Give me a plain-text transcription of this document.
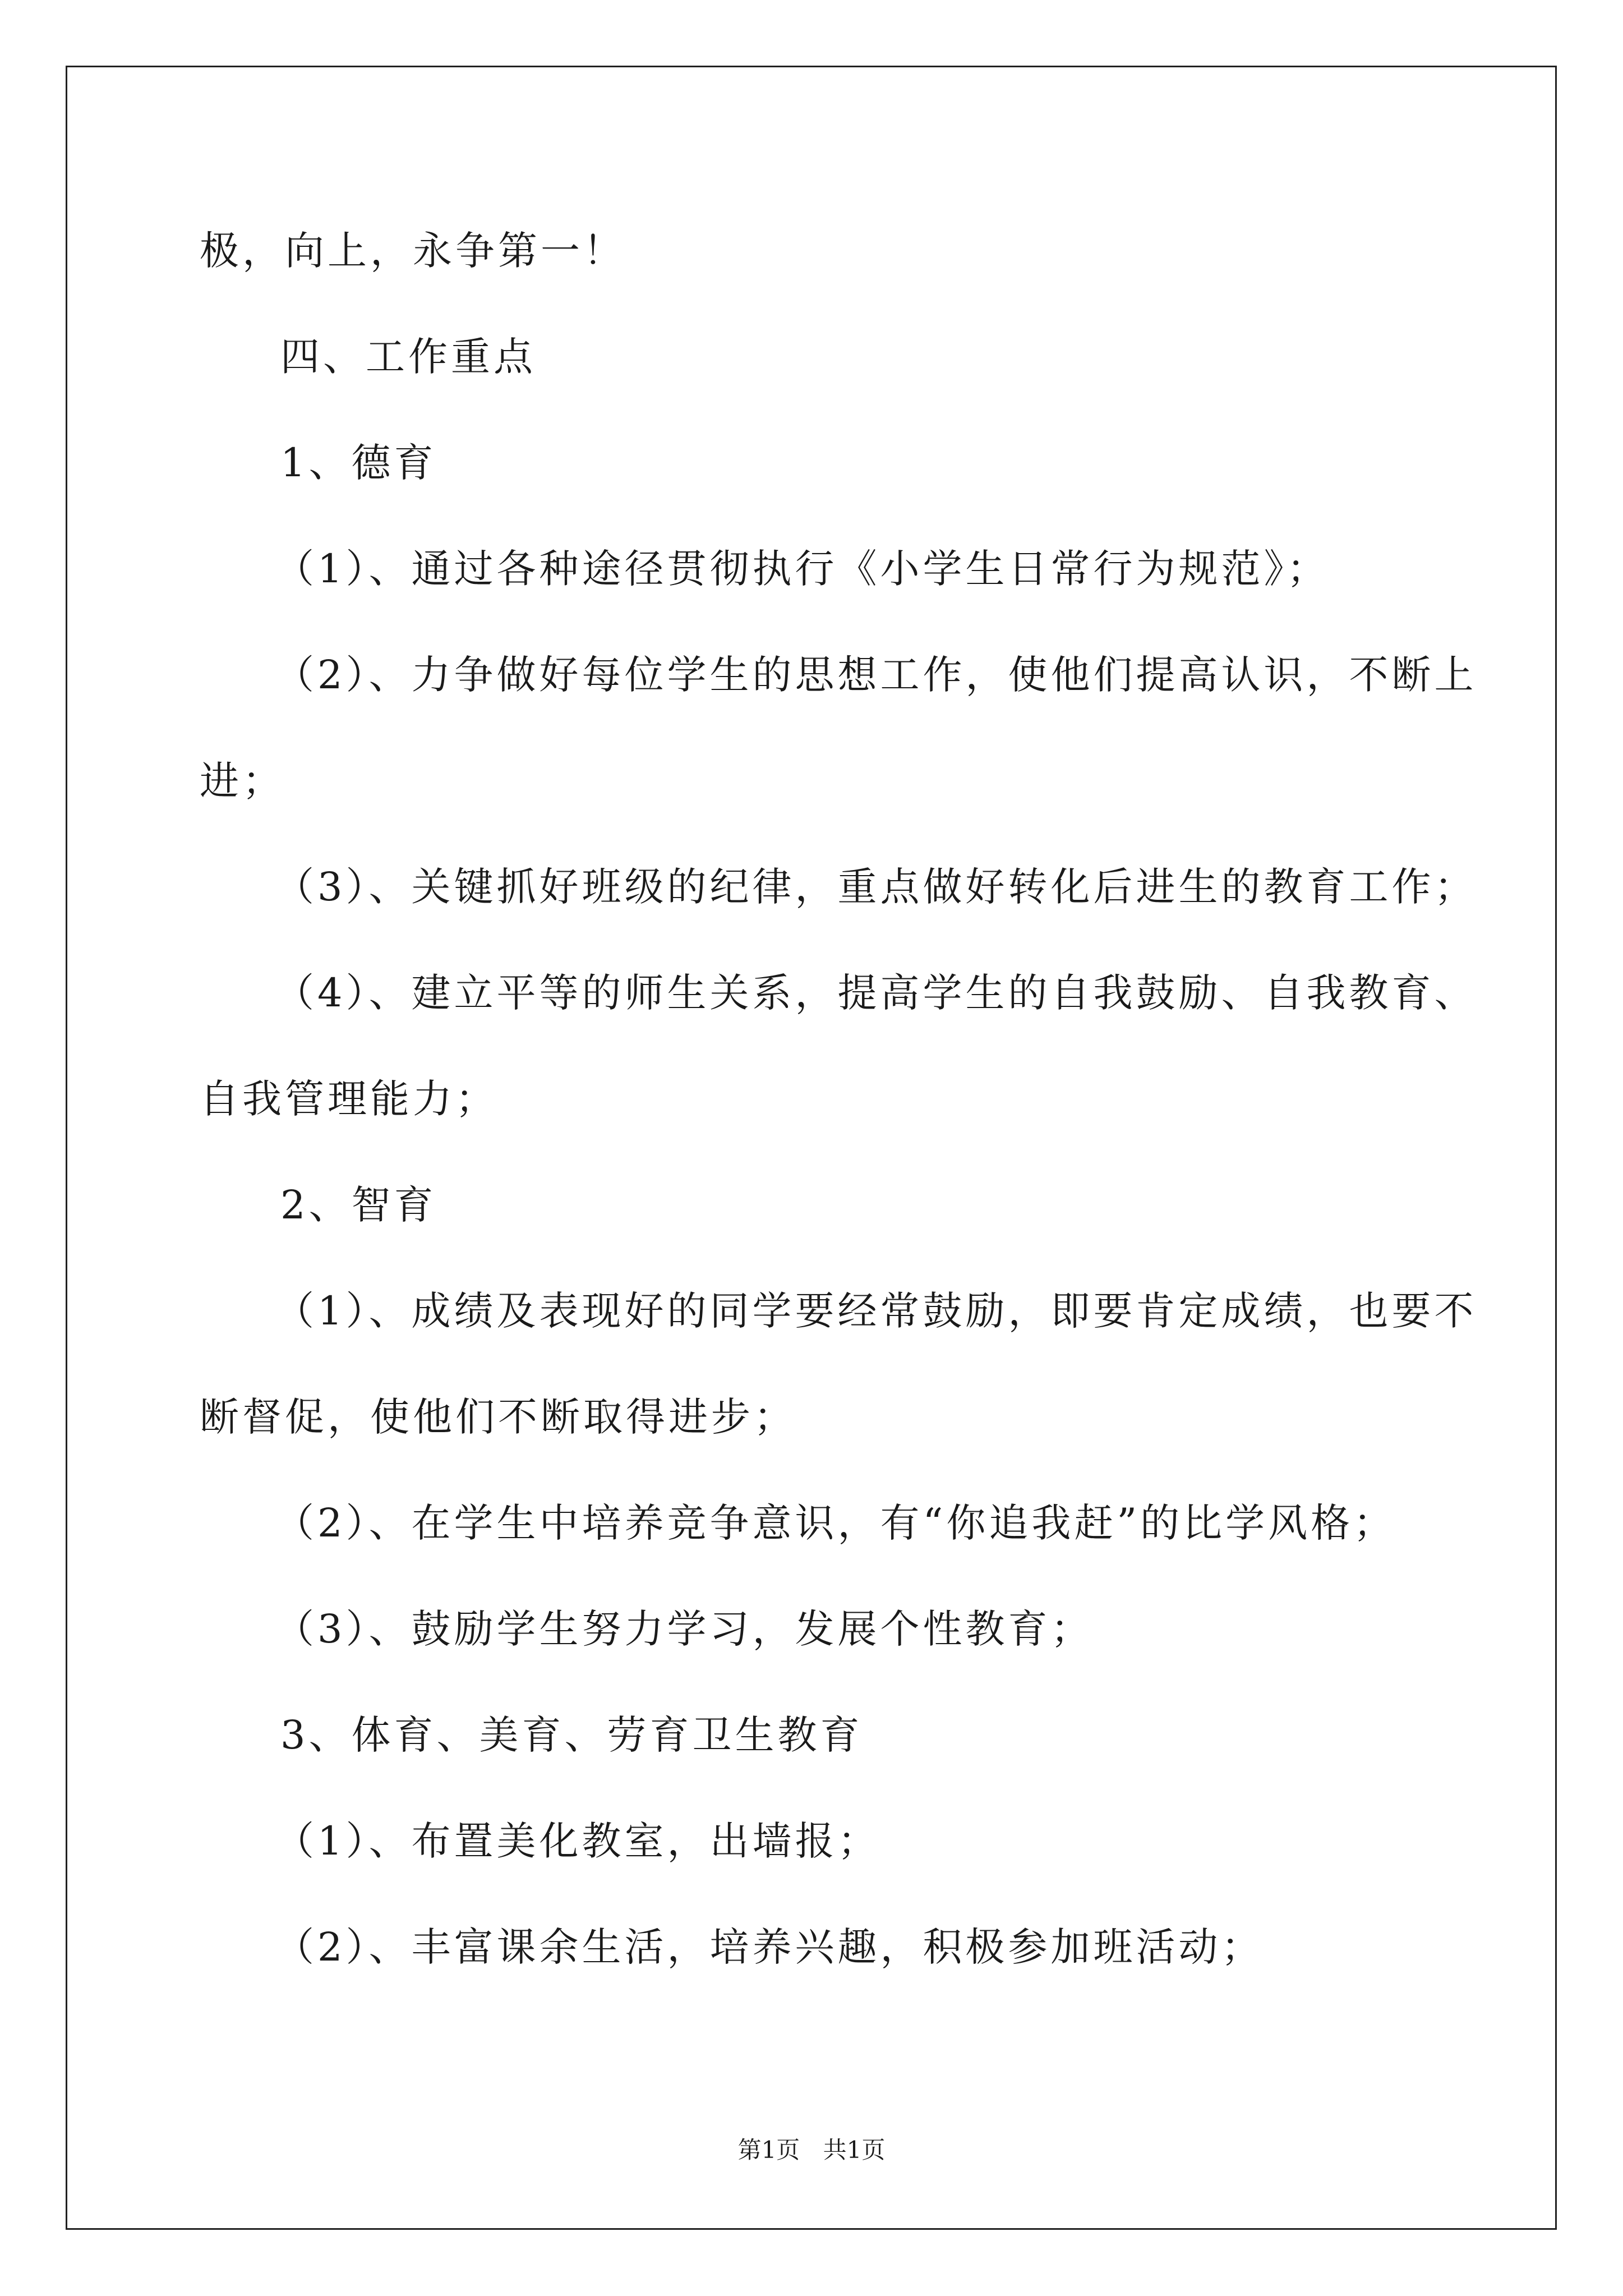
极，向上，永争第一！
四、工作重点
1、德育
（1）、通过各种途径贯彻执行《小学生日常行为规范》；
（2）、力争做好每位学生的思想工作，使他们提高认识，不断上
进；
（3）、关键抓好班级的纪律，重点做好转化后进生的教育工作；
（4）、建立平等的师生关系，提高学生的自我鼓励、自我教育、
自我管理能力；
2、智育
（1）、成绩及表现好的同学要经常鼓励，即要肯定成绩，也要不
断督促，使他们不断取得进步；
（2）、在学生中培养竞争意识，有“你追我赶”的比学风格；
（3）、鼓励学生努力学习，发展个性教育；
3、体育、美育、劳育卫生教育
（1）、布置美化教室，出墙报；
（2）、丰富课余生活，培养兴趣，积极参加班活动；
第1页 共1页
